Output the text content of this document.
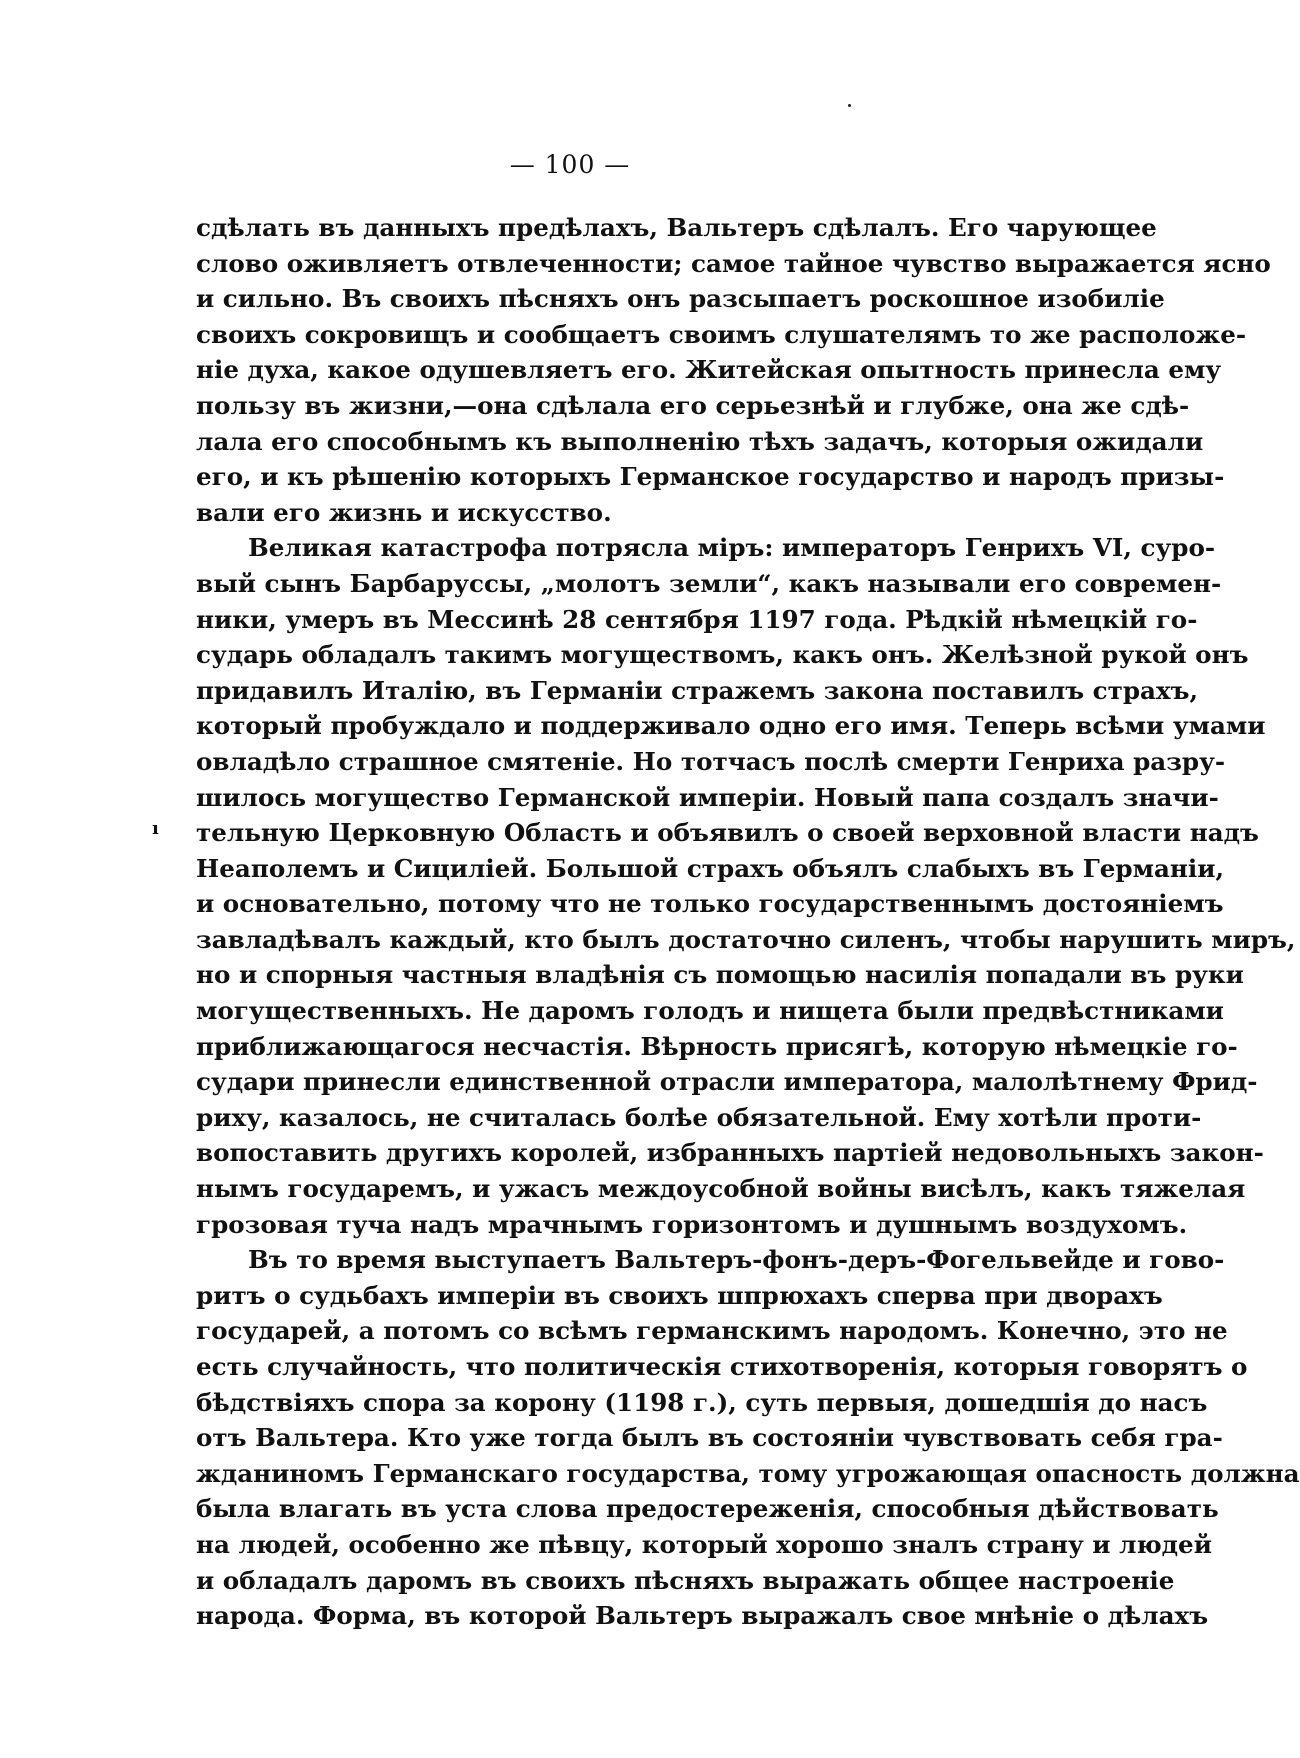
— 100 —
ı
сдѣлать въ данныхъ предѣлахъ, Вальтеръ сдѣлалъ. Его чарующее
слово оживляетъ отвлеченности; самое тайное чувство выражается ясно
и сильно. Въ своихъ пѣсняхъ онъ разсыпаетъ роскошное изобиліе
своихъ сокровищъ и сообщаетъ своимъ слушателямъ то же расположе-
ніе духа, какое одушевляетъ его. Житейская опытность принесла ему
пользу въ жизни,—она сдѣлала его серьезнѣй и глубже, она же сдѣ-
лала его способнымъ къ выполненію тѣхъ задачъ, которыя ожидали
его, и къ рѣшенію которыхъ Германское государство и народъ призы-
вали его жизнь и искусство.
Великая катастрофа потрясла міръ: императоръ Генрихъ VI, суро-
вый сынъ Барбаруссы, „молотъ земли“, какъ называли его современ-
ники, умеръ въ Мессинѣ 28 сентября 1197 года. Рѣдкій нѣмецкій го-
сударь обладалъ такимъ могуществомъ, какъ онъ. Желѣзной рукой онъ
придавилъ Италію, въ Германіи стражемъ закона поставилъ страхъ,
который пробуждало и поддерживало одно его имя. Теперь всѣми умами
овладѣло страшное смятеніе. Но тотчасъ послѣ смерти Генриха разру-
шилось могущество Германской имперіи. Новый папа создалъ значи-
тельную Церковную Область и объявилъ о своей верховной власти надъ
Неаполемъ и Сициліей. Большой страхъ объялъ слабыхъ въ Германіи,
и основательно, потому что не только государственнымъ достояніемъ
завладѣвалъ каждый, кто былъ достаточно силенъ, чтобы нарушить миръ,
но и спорныя частныя владѣнія съ помощью насилія попадали въ руки
могущественныхъ. Не даромъ голодъ и нищета были предвѣстниками
приближающагося несчастія. Вѣрность присягѣ, которую нѣмецкіе го-
судари принесли единственной отрасли императора, малолѣтнему Фрид-
риху, казалось, не считалась болѣе обязательной. Ему хотѣли проти-
вопоставить другихъ королей, избранныхъ партіей недовольныхъ закон-
нымъ государемъ, и ужасъ междоусобной войны висѣлъ, какъ тяжелая
грозовая туча надъ мрачнымъ горизонтомъ и душнымъ воздухомъ.
Въ то время выступаетъ Вальтеръ-фонъ-деръ-Фогельвейде и гово-
ритъ о судьбахъ имперіи въ своихъ шпрюхахъ сперва при дворахъ
государей, а потомъ со всѣмъ германскимъ народомъ. Конечно, это не
есть случайность, что политическія стихотворенія, которыя говорятъ о
бѣдствіяхъ спора за корону (1198 г.), суть первыя, дошедшія до насъ
отъ Вальтера. Кто уже тогда былъ въ состояніи чувствовать себя гра-
жданиномъ Германскаго государства, тому угрожающая опасность должна
была влагать въ уста слова предостереженія, способныя дѣйствовать
на людей, особенно же пѣвцу, который хорошо зналъ страну и людей
и обладалъ даромъ въ своихъ пѣсняхъ выражать общее настроеніе
народа. Форма, въ которой Вальтеръ выражалъ свое мнѣніе о дѣлахъ
